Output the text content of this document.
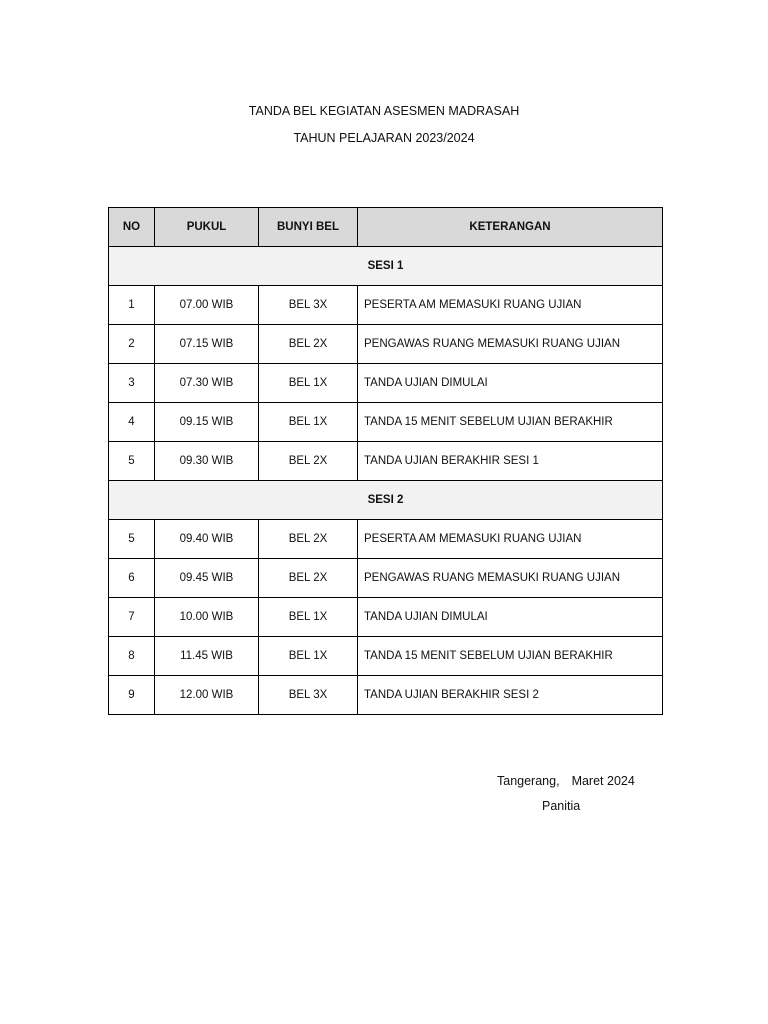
TANDA BEL KEGIATAN ASESMEN MADRASAH
TAHUN PELAJARAN 2023/2024
NO	PUKUL	BUNYI BEL	KETERANGAN
SESI 1			
1	07.00 WIB	BEL 3X	PESERTA AM MEMASUKI RUANG UJIAN
2	07.15 WIB	BEL 2X	PENGAWAS RUANG MEMASUKI RUANG UJIAN
3	07.30 WIB	BEL 1X	TANDA UJIAN DIMULAI
4	09.15 WIB	BEL 1X	TANDA 15 MENIT SEBELUM UJIAN BERAKHIR
5	09.30 WIB	BEL 2X	TANDA UJIAN BERAKHIR SESI 1
SESI 2			
5	09.40 WIB	BEL 2X	PESERTA AM MEMASUKI RUANG UJIAN
6	09.45 WIB	BEL 2X	PENGAWAS RUANG MEMASUKI RUANG UJIAN
7	10.00 WIB	BEL 1X	TANDA UJIAN DIMULAI
8	11.45 WIB	BEL 1X	TANDA 15 MENIT SEBELUM UJIAN BERAKHIR
9	12.00 WIB	BEL 3X	TANDA UJIAN BERAKHIR SESI 2
Tangerang, Maret 2024
Panitia
